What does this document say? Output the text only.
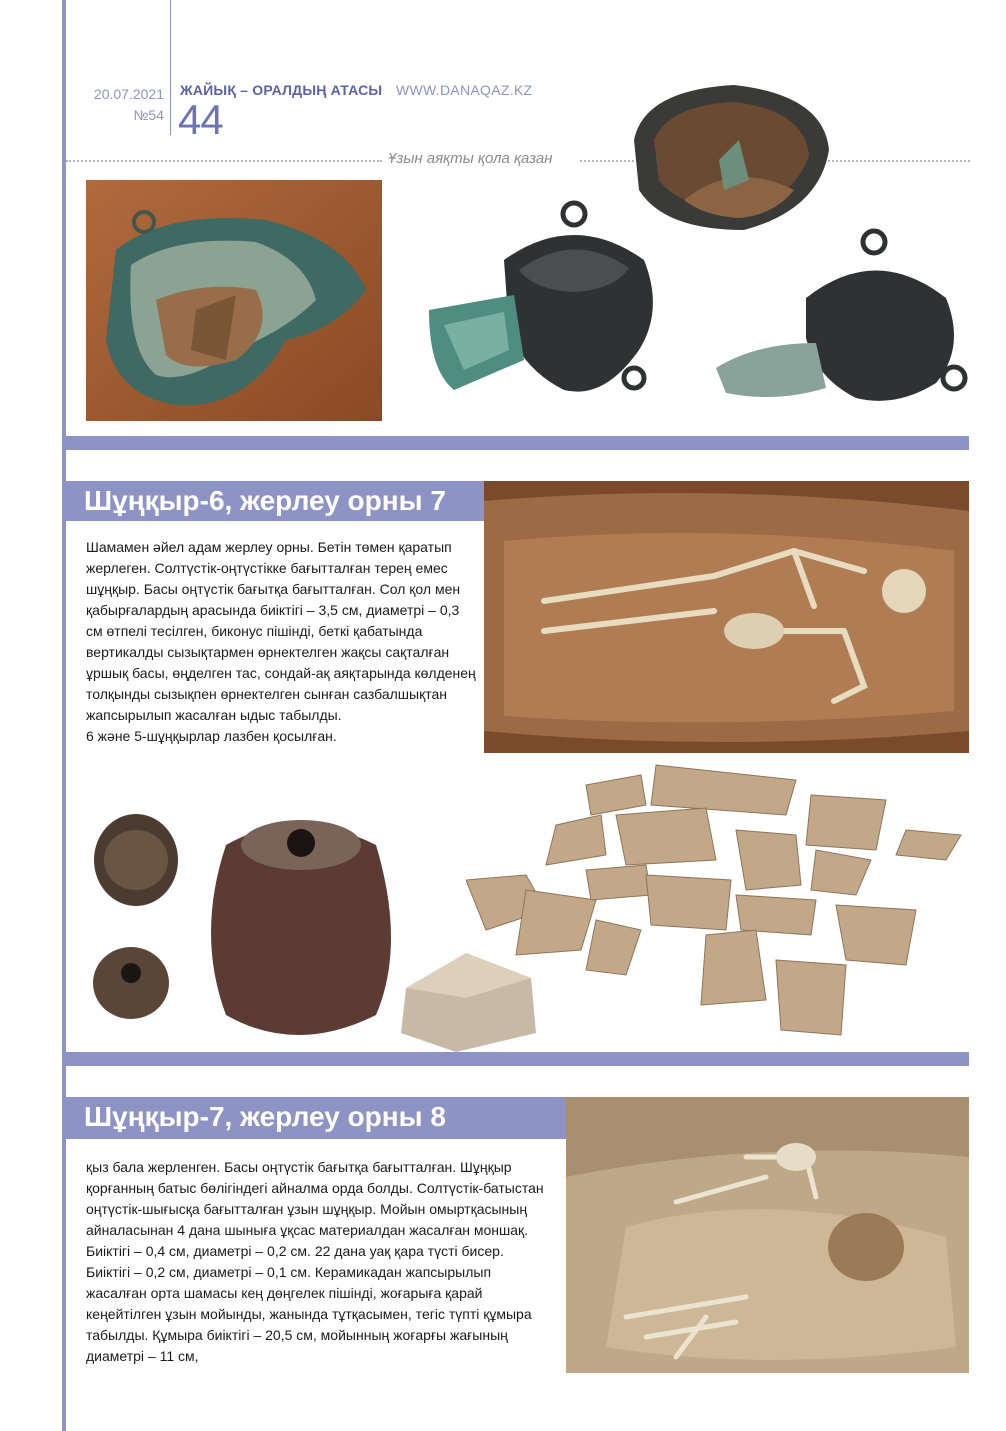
20.07.2021
№54
ЖАЙЫҚ – ОРАЛДЫҢ АТАСЫ WWW.DANAQAZ.KZ
44
Ұзын аяқты қола қазан
Шұңқыр-6, жерлеу орны 7

Шамамен әйел адам жерлеу орны. Бетін төмен қаратып жерлеген. Солтүстік-оңтүстікке бағытталған терең емес шұңқыр. Басы оңтүстік бағытқа бағытталған. Сол қол мен қабырғалардың арасында биіктігі – 3,5 см, диаметрі – 0,3 см өтпелі тесілген, биконус пішінді, беткі қабатында вертикалды сызықтармен өрнектелген жақсы сақталған ұршық басы, өңделген тас, сондай-ақ аяқтарында көлденең толқынды сызықпен өрнектелген сынған сазбалшықтан жапсырылып жасалған ыдыс табылды.

6 және 5-шұңқырлар лазбен қосылған.

Шұңқыр-7, жерлеу орны 8

қыз бала жерленген. Басы оңтүстік бағытқа бағытталған. Шұңқыр қорғанның батыс бөлігіндегі айналма орда болды. Солтүстік-батыстан оңтүстік-шығысқа бағытталған ұзын шұңқыр. Мойын омыртқасының айналасынан 4 дана шыныға ұқсас материалдан жасалған моншақ. Биіктігі – 0,4 см, диаметрі – 0,2 см. 22 дана уақ қара түсті бисер. Биіктігі – 0,2 см, диаметрі – 0,1 см. Керамикадан жапсырылып жасалған орта шамасы кең дөңгелек пішінді, жоғарыға қарай кеңейтілген ұзын мойынды, жанында тұтқасымен, тегіс түпті құмыра табылды. Құмыра биіктігі – 20,5 см, мойынның жоғарғы жағының диаметрі – 11 см,
